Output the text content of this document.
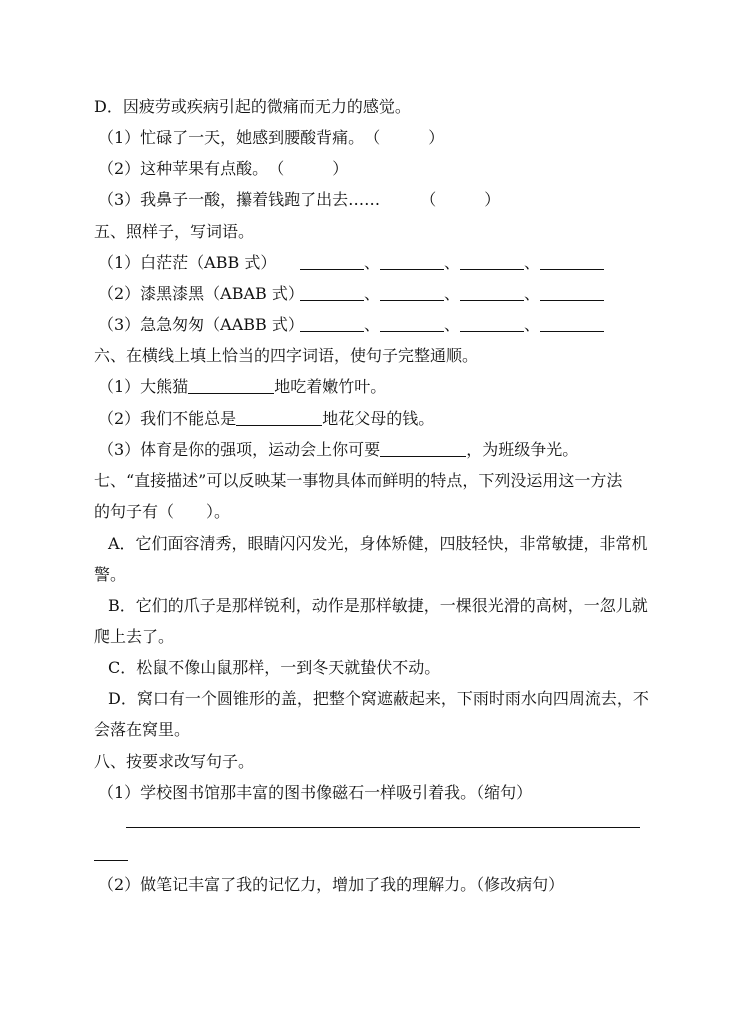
D．因疲劳或疾病引起的微痛而无力的感觉。
（1）忙碌了一天，她感到腰酸背痛。（　　　）
（2）这种苹果有点酸。（　　　）
（3）我鼻子一酸，攥着钱跑了出去……	（　　　）
五、照样子，写词语。
（1）白茫茫（ABB 式）	、	、	、
（2）漆黑漆黑（ABAB 式）	、	、	、
（3）急急匆匆（AABB 式）	、	、	、
六、在横线上填上恰当的四字词语，使句子完整通顺。
（1）大熊猫	地吃着嫩竹叶。
（2）我们不能总是	地花父母的钱。
（3）体育是你的强项，运动会上你可要	，为班级争光。
七、“直接描述”可以反映某一事物具体而鲜明的特点，下列没运用这一方法
的句子有（　　）。
A．它们面容清秀，眼睛闪闪发光，身体矫健，四肢轻快，非常敏捷，非常机
警。
B．它们的爪子是那样锐利，动作是那样敏捷，一棵很光滑的高树，一忽儿就
爬上去了。
C．松鼠不像山鼠那样，一到冬天就蛰伏不动。
D．窝口有一个圆锥形的盖，把整个窝遮蔽起来，下雨时雨水向四周流去，不
会落在窝里。
八、按要求改写句子。
（1）学校图书馆那丰富的图书像磁石一样吸引着我。（缩句）
（2）做笔记丰富了我的记忆力，增加了我的理解力。（修改病句）
